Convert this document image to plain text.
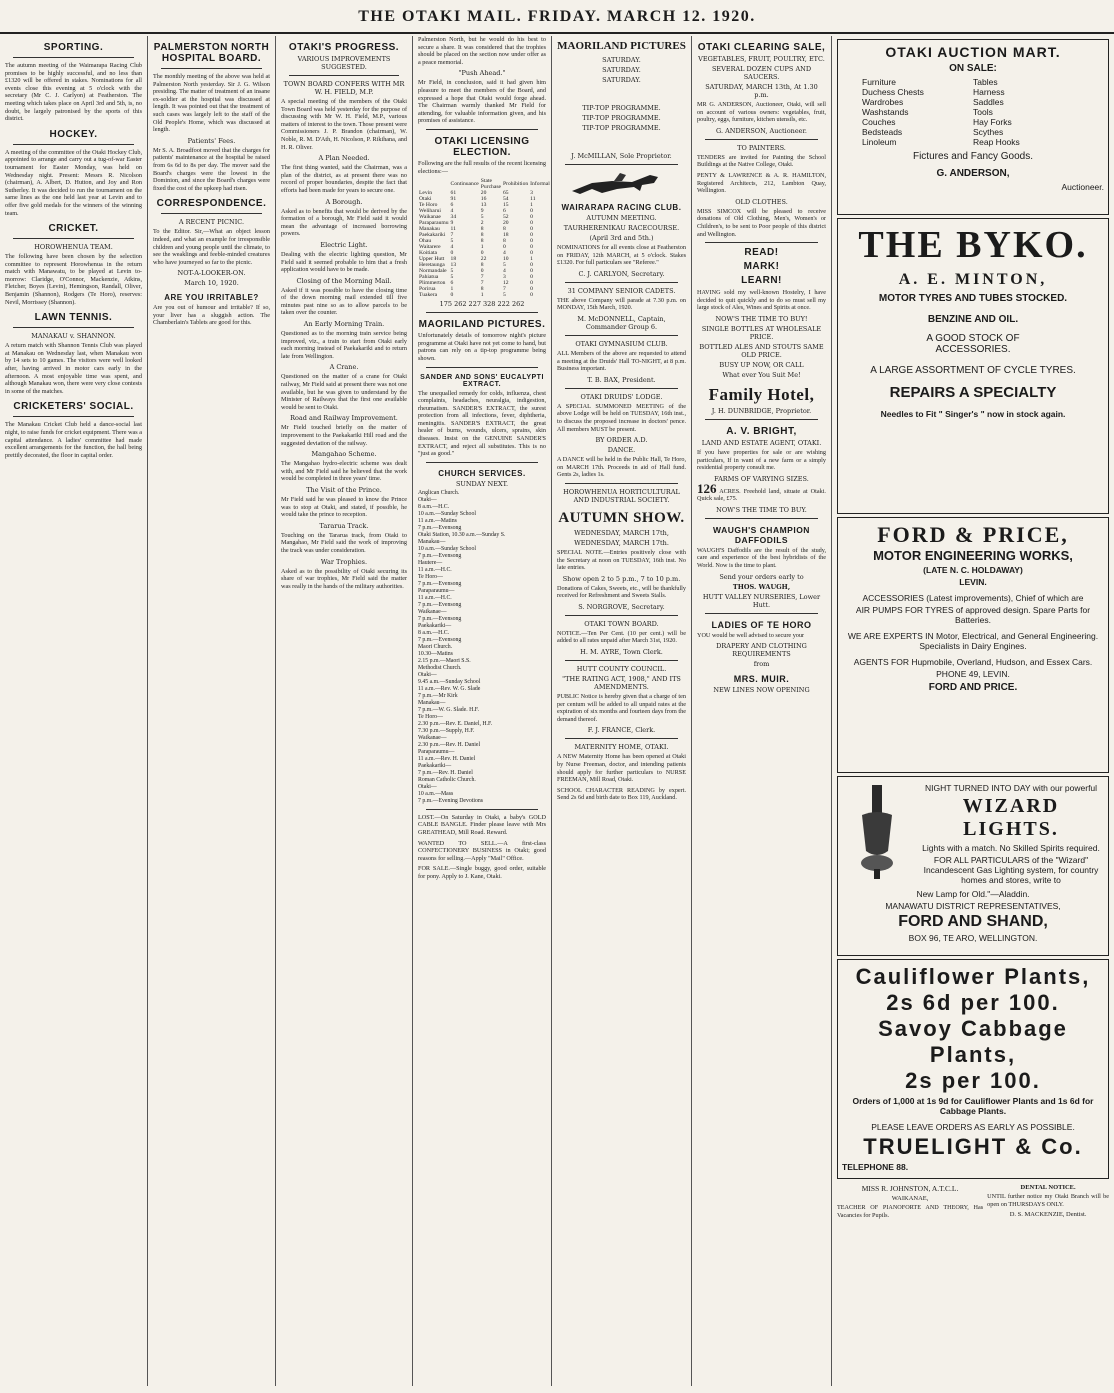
THE OTAKI MAIL. FRIDAY. MARCH 12. 1920.
SPORTING.
The autumn meeting of the Waimarapa Racing Club promises to be highly successful, and no less than £1320 will be offered in stakes. Nominations for all events close this evening at 5 o'clock with the secretary (Mr C. J. Carlyon) at Featherston. The meeting which takes place on April 3rd and 5th, is, no doubt, be largely patronised by the sports of this district.
HOCKEY.
A meeting of the committee of the Otaki Hockey Club, appointed to arrange and carry out a tug-of-war Easter tournament for Easter Monday, was held on Wednesday night. Present: Messrs R. Nicolson (chairman), A. Albert, D. Hutton, and Joy and Ron Sutherley. It was decided to run the tournament on the same lines as the one held last year at Levin and to offer five gold medals for the winners of the winning team.
CRICKET.
HOROWHENUA TEAM.
The following have been chosen by the selection committee to represent Horowhenua in the return match with Manawatu, to be played at Levin to-morrow: Claridge, O'Connor, Mackenzie, Atkins, Fletcher, Boyes (Levin), Hemingson, Randall, Oliver, Benjamin (Shannon), Rodgers (Te Horo), reserves: Nevil, Morrissey (Shannon).
LAWN TENNIS.
MANAKAU v. SHANNON.
A return match with Shannon Tennis Club was played at Manakau on Wednesday last, when Manakau won by 14 sets to 10 games. The visitors were well looked after, having arrived in motor cars early in the afternoon. A most enjoyable time was spent, and although Manakau won, there were very close contests in some of the matches.
CRICKETERS' SOCIAL.
The Manakau Cricket Club held a dance-social last night, to raise funds for cricket equipment. There was a capital attendance. A ladies' committee had made excellent arrangements for the function, the hall being prettily decorated, the floor in capital order.
PALMERSTON NORTH HOSPITAL BOARD.
The monthly meeting of the above was held at Palmerston North yesterday. Sir J. G. Wilson presiding. The matter of treatment of an insane ex-soldier at the hospital was discussed at length. It was pointed out that the treatment of such cases was largely left to the staff of the Old People's Home, which was discussed at length.
Patients' Fees.
Mr S. A. Broadfoot moved that the charges for patients' maintenance at the hospital be raised from 6s 6d to 8s per day. The mover said the Board's charges were the lowest in the Dominion, and since the Board's charges were fixed the cost of the upkeep had risen.
CORRESPONDENCE.
A RECENT PICNIC.
To the Editor. Sir,—What an object lesson indeed, and what an example for irresponsible children and young people until the climate, to see the weaklings and feeble-minded creatures who have journeyed so far to the picnic.
NOT-A-LOOKER-ON.
March 10, 1920.
ARE YOU IRRITABLE?
Are you out of humour and irritable? If so, your liver has a sluggish action. The Chamberlain's Tablets are good for this.
OTAKI'S PROGRESS.
VARIOUS IMPROVEMENTS SUGGESTED.
TOWN BOARD CONFERS WITH MR W. H. FIELD, M.P.
A special meeting of the members of the Otaki Town Board was held yesterday for the purpose of discussing with Mr W. H. Field, M.P., various matters of interest to the town. Those present were Commissioners J. P. Brandon (chairman), W. Noble, R. M. D'Ath, H. Nicolson, P. Rikihana, and H. R. Oliver.
A Plan Needed.
The first thing wanted, said the Chairman, was a plan of the district, as at present there was no record of proper boundaries, despite the fact that efforts had been made for years to secure one.
A Borough.
Asked as to benefits that would be derived by the formation of a borough, Mr Field said it would mean the advantage of increased borrowing powers.
Electric Light.
Dealing with the electric lighting question, Mr Field said it seemed probable to him that a fresh application would have to be made.
Closing of the Morning Mail.
Asked if it was possible to have the closing time of the down morning mail extended till five minutes past nine so as to allow parcels to be taken over the counter.
An Early Morning Train.
Questioned as to the morning train service being improved, viz., a train to start from Otaki early each morning instead of Paekakariki and to return late from Wellington.
A Crane.
Questioned on the matter of a crane for Otaki railway, Mr Field said at present there was not one available, but he was given to understand by the Minister of Railways that the first one available would be sent to Otaki.
Road and Railway Improvement.
Mr Field touched briefly on the matter of improvement to the Paekakariki Hill road and the suggested deviation of the railway.
Mangahao Scheme.
The Mangahao hydro-electric scheme was dealt with, and Mr Field said he believed that the work would be completed in three years' time.
The Visit of the Prince.
Mr Field said he was pleased to know the Prince was to stop at Otaki, and stated, if possible, he would take the prince to reception.
Tararua Track.
Touching on the Tararua track, from Otaki to Mangahao, Mr Field said the work of improving the track was under consideration.
War Trophies.
Asked as to the possibility of Otaki securing its share of war trophies, Mr Field said the matter was really in the hands of the military authorities.
Palmerston North, but he would do his best to secure a share. It was considered that the trophies should be placed on the section now under offer as a peace memorial.
"Push Ahead."
Mr Field, in conclusion, said it had given him pleasure to meet the members of the Board, and expressed a hope that Otaki would forge ahead. The Chairman warmly thanked Mr Field for attending, for valuable information given, and his promises of assistance.
OTAKI LICENSING ELECTION.
Following are the full results of the recent licensing elections:—
	Continuance	State Purchase	Prohibition	Informal
Levin	61	20	65	3
Otaki	91	16	54	11
Te Horo	6	13	15	1
Weliharui	4	9	6	0
Waikanae	34	5	52	0
Paraparaumu	9	2	20	0
Manakau	11	8	8	0
Paekakariki	7	8	18	0
Ohau	5	8	8	0
Waitarere	4	1	0	0
Koitiata	0	0	4	0
Upper Hutt	18	22	10	1
Heretaunga	13	8	5	0
Normandale	5	0	4	0
Pahiatua	5	7	3	0
Plimmerton	6	7	12	0
Porirua	1	8	7	0
Tuakera	0	1	5	0
175 262 227 328 222 262
MAORILAND PICTURES.
Unfortunately details of tomorrow night's picture programme at Otaki have not yet come to hand, but patrons can rely on a tip-top programme being shown.
SANDER AND SONS' EUCALYPTI EXTRACT.
The unequalled remedy for colds, influenza, chest complaints, headaches, neuralgia, indigestion, rheumatism. SANDER'S EXTRACT, the surest protection from all infections, fever, diphtheria, meningitis. SANDER'S EXTRACT, the great healer of burns, wounds, ulcers, sprains, skin diseases. Insist on the GENUINE SANDER'S EXTRACT, and reject all substitutes. This is no "just as good."
CHURCH SERVICES.
SUNDAY NEXT.
Anglican Church.
Otaki—
8 a.m.—H.C.
10 a.m.—Sunday School
11 a.m.—Matins
7 p.m.—Evensong
Otaki Station, 10.30 a.m.—Sunday S.
Manakau—
10 a.m.—Sunday School
7 p.m.—Evensong
Hautere—
11 a.m.—H.C.
Te Horo—
7 p.m.—Evensong
Paraparaumu—
11 a.m.—H.C.
7 p.m.—Evensong
Waikanae—
7 p.m.—Evensong
Paekakariki—
8 a.m.—H.C.
7 p.m.—Evensong
Maori Church.
10.30—Matins
2.15 p.m.—Maori S.S.
Methodist Church.
Otaki—
9.45 a.m.—Sunday School
11 a.m.—Rev. W. G. Slade
7 p.m.—Mr Kirk
Manakau—
7 p.m.—W. G. Slade. H.F.
Te Horo—
2.30 p.m.—Rev. E. Daniel, H.F.
7.30 p.m.—Supply, H.F.
Waikanae—
2.30 p.m.—Rev. H. Daniel
Paraparaumu—
11 a.m.—Rev. H. Daniel
Paekakariki—
7 p.m.—Rev. H. Daniel
Roman Catholic Church.
Otaki—
10 a.m.—Mass
7 p.m.—Evening Devotions
LOST.—On Saturday in Otaki, a baby's GOLD CABLE BANGLE. Finder please leave with Mrs GREATHEAD, Mill Road. Reward.
WANTED TO SELL.—A first-class CONFECTIONERY BUSINESS in Otaki; good reasons for selling.—Apply "Mail" Office.
FOR SALE.—Single buggy, good order, suitable for pony. Apply to J. Kane, Otaki.
MAORILAND PICTURES
SATURDAY.
SATURDAY.
SATURDAY.
TIP-TOP PROGRAMME.
TIP-TOP PROGRAMME.
TIP-TOP PROGRAMME.
J. McMILLAN, Sole Proprietor.
WAIRARAPA RACING CLUB.
AUTUMN MEETING.
TAURHERENIKAU RACECOURSE.
(April 3rd and 5th.)
NOMINATIONS for all events close at Featherston on FRIDAY, 12th MARCH, at 5 o'clock. Stakes £1320. For full particulars see "Referee."
C. J. CARLYON, Secretary.
31 COMPANY SENIOR CADETS.
THE above Company will parade at 7.30 p.m. on MONDAY, 15th March, 1920.
M. McDONNELL, Captain, Commander Group 6.
OTAKI GYMNASIUM CLUB.
ALL Members of the above are requested to attend a meeting at the Druids' Hall TO-NIGHT, at 8 p.m. Business important.
T. B. BAX, President.
OTAKI DRUIDS' LODGE.
A SPECIAL SUMMONED MEETING of the above Lodge will be held on TUESDAY, 16th inst., to discuss the proposed increase in doctors' pence. All members MUST be present.
BY ORDER A.D.
DANCE.
A DANCE will be held in the Public Hall, Te Horo, on MARCH 17th. Proceeds in aid of Hall fund. Gents 2s, ladies 1s.
HOROWHENUA HORTICULTURAL AND INDUSTRIAL SOCIETY.
AUTUMN SHOW.
WEDNESDAY, MARCH 17th,
WEDNESDAY, MARCH 17th.
SPECIAL NOTE.—Entries positively close with the Secretary at noon on TUESDAY, 16th inst. No late entries.
Show open 2 to 5 p.m., 7 to 10 p.m.
Donations of Cakes, Sweets, etc., will be thankfully received for Refreshment and Sweets Stalls.
S. NORGROVE, Secretary.
OTAKI TOWN BOARD.
NOTICE.—Ten Per Cent. (10 per cent.) will be added to all rates unpaid after March 31st, 1920.
H. M. AYRE, Town Clerk.
HUTT COUNTY COUNCIL.
"THE RATING ACT, 1908," AND ITS AMENDMENTS.
PUBLIC Notice is hereby given that a charge of ten per centum will be added to all unpaid rates at the expiration of six months and fourteen days from the demand thereof.
F. J. FRANCE, Clerk.
MATERNITY HOME, OTAKI.
A NEW Maternity Home has been opened at Otaki by Nurse Freeman, doctor, and intending patients should apply for further particulars to NURSE FREEMAN, Mill Road, Otaki.
SCHOOL CHARACTER READING by expert. Send 2s 6d and birth date to Box 119, Auckland.
OTAKI CLEARING SALE,
VEGETABLES, FRUIT, POULTRY, ETC.
SEVERAL DOZEN CUPS AND SAUCERS.
SATURDAY, MARCH 13th, At 1.30 p.m.
MR G. ANDERSON, Auctioneer, Otaki, will sell on account of various owners: vegetables, fruit, poultry, eggs, furniture, kitchen utensils, etc.
G. ANDERSON, Auctioneer.
TO PAINTERS.
TENDERS are invited for Painting the School Buildings at the Native College, Otaki.
PENTY & LAWRENCE & A. R. HAMILTON, Registered Architects, 212, Lambton Quay, Wellington.
OLD CLOTHES.
MISS SIMCOX will be pleased to receive donations of Old Clothing, Men's, Women's or Children's, to be sent to Poor people of this district and Wellington.
READ!
MARK!
LEARN!
HAVING sold my well-known Hostelry, I have decided to quit quickly and to do so must sell my large stock of Ales, Wines and Spirits at once.
NOW'S THE TIME TO BUY!
SINGLE BOTTLES AT WHOLESALE PRICE.
BOTTLED ALES AND STOUTS SAME OLD PRICE.
BUSY UP NOW, OR CALL
What ever You Suit Me!
Family Hotel,
J. H. DUNBRIDGE, Proprietor.
A. V. BRIGHT,
LAND AND ESTATE AGENT, OTAKI.
If you have properties for sale or are wishing particulars, If in want of a new farm or a simply residential property consult me.
FARMS OF VARYING SIZES.
126 ACRES. Freehold land, situate at Otaki. Quick sale, £75.
NOW'S THE TIME TO BUY.
WAUGH'S CHAMPION DAFFODILS
WAUGH'S Daffodils are the result of the study, care and experience of the best hybridists of the World. Now is the time to plant.
Send your orders early to
THOS. WAUGH,
HUTT VALLEY NURSERIES, Lower Hutt.
LADIES OF TE HORO
YOU would be well advised to secure your
DRAPERY AND CLOTHING REQUIREMENTS
from
MRS. MUIR.
NEW LINES NOW OPENING
OTAKI AUCTION MART.
ON SALE:
Furniture
Duchess Chests
Wardrobes
Washstands
Couches
Bedsteads
Linoleum
Tables
Harness
Saddles
Tools
Hay Forks
Scythes
Reap Hooks
Fictures and Fancy Goods.
G. ANDERSON,
Auctioneer.
THE BYKO.
A. E. MINTON,
MOTOR TYRES AND TUBES STOCKED.
BENZINE AND OIL.
A GOOD STOCK OF ACCESSORIES.
A LARGE ASSORTMENT OF CYCLE TYRES.
REPAIRS A SPECIALTY
Needles to Fit " Singer's " now in stock again.
FORD & PRICE,
MOTOR ENGINEERING WORKS,
(LATE N. C. HOLDAWAY)
LEVIN.
ACCESSORIES (Latest improvements), Chief of which are
AIR PUMPS FOR TYRES of approved design. Spare Parts for Batteries.
WE ARE EXPERTS IN Motor, Electrical, and General Engineering. Specialists in Dairy Engines.
AGENTS FOR Hupmobile, Overland, Hudson, and Essex Cars.
PHONE 49, LEVIN.
FORD AND PRICE.
NIGHT TURNED INTO DAY with our powerful
WIZARD LIGHTS.
Lights with a match. No Skilled Spirits required.
FOR ALL PARTICULARS of the "Wizard" Incandescent Gas Lighting system, for country homes and stores, write to
New Lamp for Old."—Aladdin.
MANAWATU DISTRICT REPRESENTATIVES,
FORD AND SHAND,
BOX 96, TE ARO, WELLINGTON.
Cauliflower Plants,
2s 6d per 100.
Savoy Cabbage Plants,
2s per 100.
Orders of 1,000 at 1s 9d for Cauliflower Plants and 1s 6d for Cabbage Plants.
PLEASE LEAVE ORDERS AS EARLY AS POSSIBLE.
TRUELIGHT & Co.
TELEPHONE 88.
MISS R. JOHNSTON, A.T.C.L.
WAIKANAE,
TEACHER OF PIANOFORTE AND THEORY, Has Vacancies for Pupils.
DENTAL NOTICE.
UNTIL further notice my Otaki Branch will be open on THURSDAYS ONLY.
D. S. MACKENZIE, Dentist.
